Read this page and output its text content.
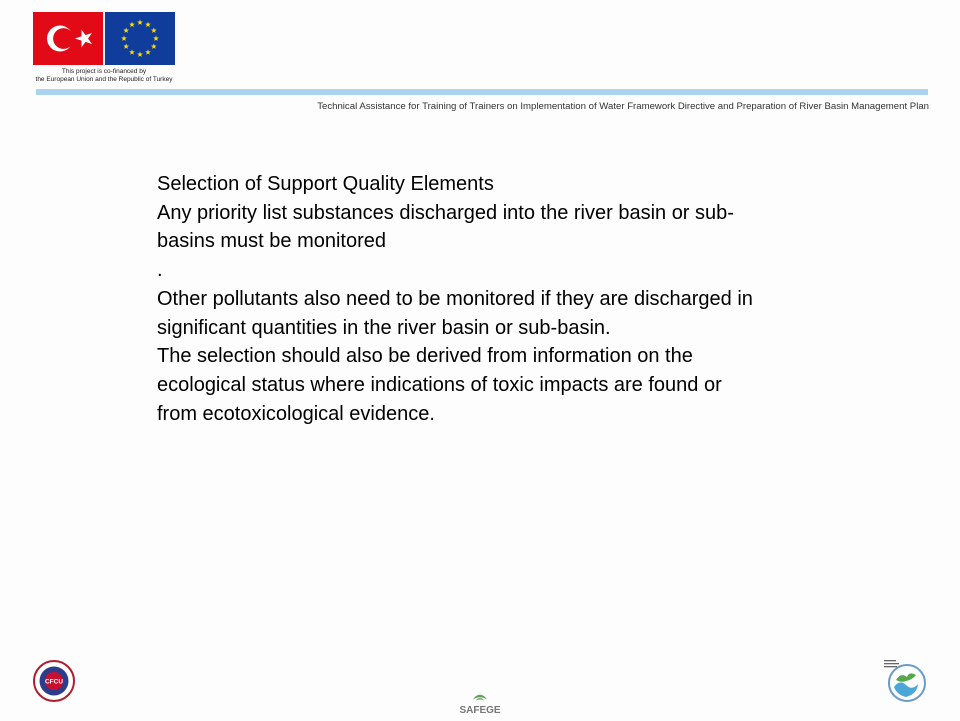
This project is co-financed by
the European Union and the Republic of Turkey
Technical Assistance for Training of Trainers on Implementation of Water Framework Directive and Preparation of River Basin Management Plan

Selection of Support Quality Elements

Any priority list substances discharged into the river basin or sub-basins must be monitored

.

Other pollutants also need to be monitored if they are discharged in significant quantities in the river basin or sub-basin.

The selection should also be derived from information on the ecological status where indications of toxic impacts are found or from ecotoxicological evidence.

CFCU
SAFEGE
